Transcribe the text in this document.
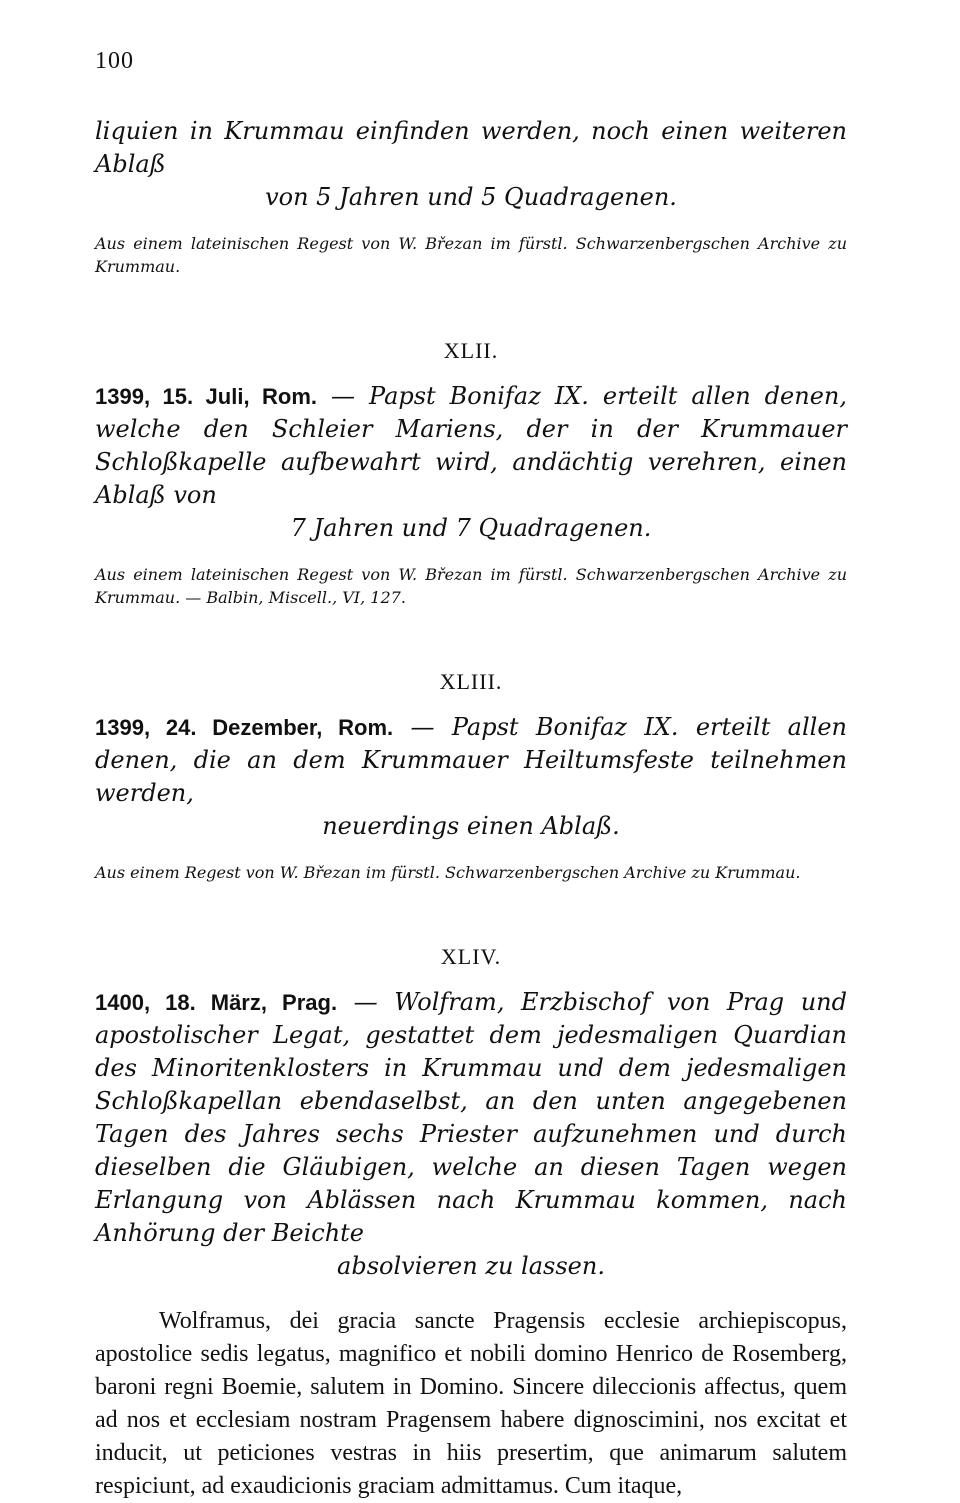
100
liquien in Krummau einfinden werden, noch einen weiteren Ablaß
von 5 Jahren und 5 Quadragenen.

Aus einem lateinischen Regest von W. Březan im fürstl. Schwarzenbergschen Archive zu Krummau.

XLII.
1399, 15. Juli, Rom. — Papst Bonifaz IX. erteilt allen denen, welche den Schleier Mariens, der in der Krummauer Schloßkapelle aufbewahrt wird, andächtig verehren, einen Ablaß von
7 Jahren und 7 Quadragenen.

Aus einem lateinischen Regest von W. Březan im fürstl. Schwarzenbergschen Archive zu Krummau. — Balbin, Miscell., VI, 127.

XLIII.
1399, 24. Dezember, Rom. — Papst Bonifaz IX. erteilt allen denen, die an dem Krummauer Heiltumsfeste teilnehmen werden,
neuerdings einen Ablaß.

Aus einem Regest von W. Březan im fürstl. Schwarzenbergschen Archive zu Krummau.

XLIV.
1400, 18. März, Prag. — Wolfram, Erzbischof von Prag und apostolischer Legat, gestattet dem jedesmaligen Quardian des Minoritenklosters in Krummau und dem jedesmaligen Schloßkapellan ebendaselbst, an den unten angegebenen Tagen des Jahres sechs Priester aufzunehmen und durch dieselben die Gläubigen, welche an diesen Tagen wegen Erlangung von Ablässen nach Krummau kommen, nach Anhörung der Beichte
absolvieren zu lassen.

Wolframus, dei gracia sancte Pragensis ecclesie archiepiscopus, apostolice sedis legatus, magnifico et nobili domino Henrico de Rosemberg, baroni regni Boemie, salutem in Domino. Sincere dileccionis affectus, quem ad nos et ecclesiam nostram Pragensem habere dignoscimini, nos excitat et inducit, ut peticiones vestras in hiis presertim, que animarum salutem respiciunt, ad exaudicionis graciam admittamus. Cum itaque,
